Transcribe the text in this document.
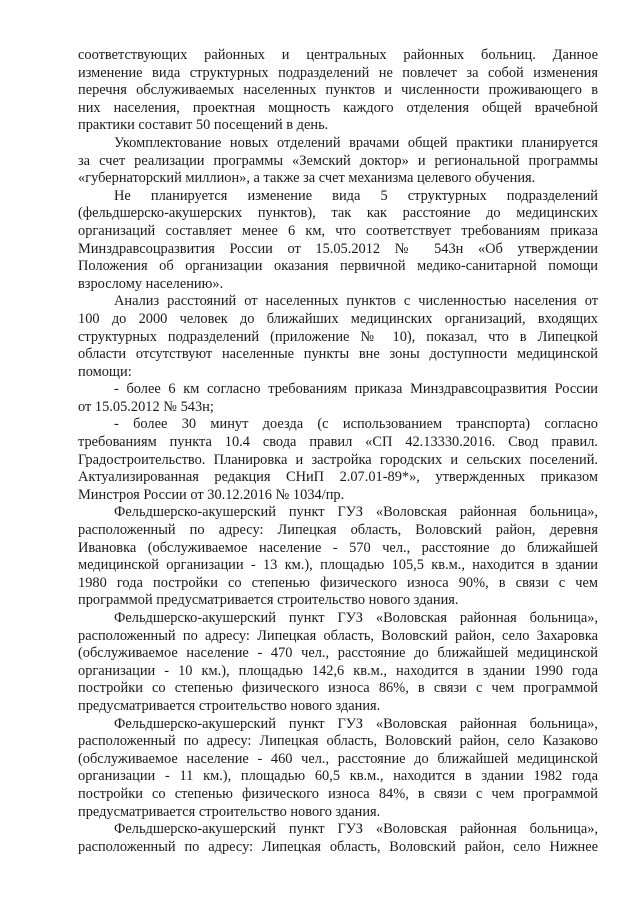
соответствующих районных и центральных районных больниц. Данное
изменение вида структурных подразделений не повлечет за собой изменения
перечня обслуживаемых населенных пунктов и численности проживающего в
них населения, проектная мощность каждого отделения общей врачебной
практики составит 50 посещений в день.
Укомплектование новых отделений врачами общей практики планируется
за счет реализации программы «Земский доктор» и региональной программы
«губернаторский миллион», а также за счет механизма целевого обучения.
Не планируется изменение вида 5 структурных подразделений
(фельдшерско-акушерских пунктов), так как расстояние до медицинских
организаций составляет менее 6 км, что соответствует требованиям приказа
Минздравсоцразвития России от 15.05.2012 № 543н «Об утверждении
Положения об организации оказания первичной медико-санитарной помощи
взрослому населению».
Анализ расстояний от населенных пунктов с численностью населения от
100 до 2000 человек до ближайших медицинских организаций, входящих
структурных подразделений (приложение № 10), показал, что в Липецкой
области отсутствуют населенные пункты вне зоны доступности медицинской
помощи:
- более 6 км согласно требованиям приказа Минздравсоцразвития России
от 15.05.2012 № 543н;
- более 30 минут доезда (с использованием транспорта) согласно
требованиям пункта 10.4 свода правил «СП 42.13330.2016. Свод правил.
Градостроительство. Планировка и застройка городских и сельских поселений.
Актуализированная редакция СНиП 2.07.01-89*», утвержденных приказом
Минстроя России от 30.12.2016 № 1034/пр.
Фельдшерско-акушерский пункт ГУЗ «Воловская районная больница»,
расположенный по адресу: Липецкая область, Воловский район, деревня
Ивановка (обслуживаемое население - 570 чел., расстояние до ближайшей
медицинской организации - 13 км.), площадью 105,5 кв.м., находится в здании
1980 года постройки со степенью физического износа 90%, в связи с чем
программой предусматривается строительство нового здания.
Фельдшерско-акушерский пункт ГУЗ «Воловская районная больница»,
расположенный по адресу: Липецкая область, Воловский район, село Захаровка
(обслуживаемое население - 470 чел., расстояние до ближайшей медицинской
организации - 10 км.), площадью 142,6 кв.м., находится в здании 1990 года
постройки со степенью физического износа 86%, в связи с чем программой
предусматривается строительство нового здания.
Фельдшерско-акушерский пункт ГУЗ «Воловская районная больница»,
расположенный по адресу: Липецкая область, Воловский район, село Казаково
(обслуживаемое население - 460 чел., расстояние до ближайшей медицинской
организации - 11 км.), площадью 60,5 кв.м., находится в здании 1982 года
постройки со степенью физического износа 84%, в связи с чем программой
предусматривается строительство нового здания.
Фельдшерско-акушерский пункт ГУЗ «Воловская районная больница»,
расположенный по адресу: Липецкая область, Воловский район, село Нижнее
